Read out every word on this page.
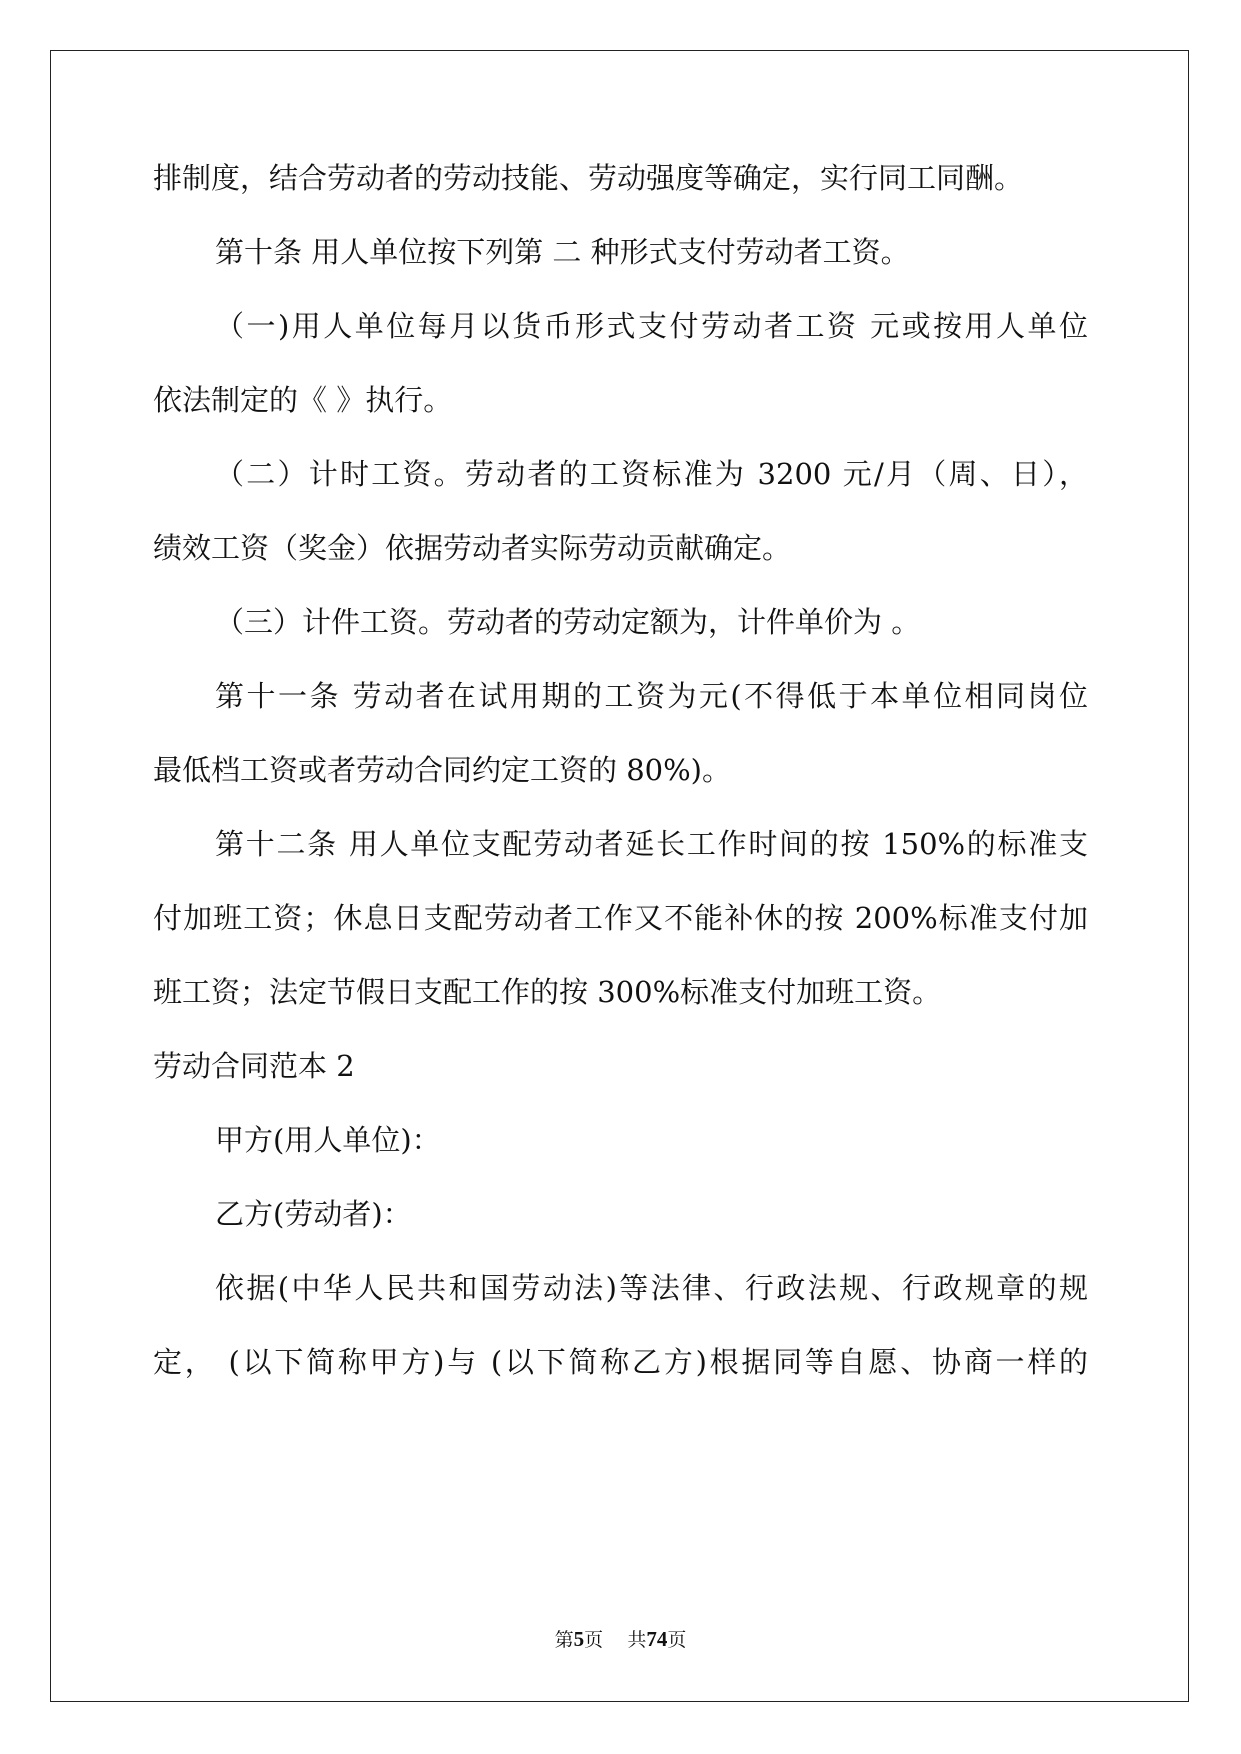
排制度，结合劳动者的劳动技能、劳动强度等确定，实行同工同酬。
第十条 用人单位按下列第 二 种形式支付劳动者工资。
（一)用人单位每月以货币形式支付劳动者工资 元或按用人单位
依法制定的《 》执行。
（二）计时工资。劳动者的工资标准为 3200 元/月（周、日），
绩效工资（奖金）依据劳动者实际劳动贡献确定。
（三）计件工资。劳动者的劳动定额为，计件单价为 。
第十一条 劳动者在试用期的工资为元(不得低于本单位相同岗位
最低档工资或者劳动合同约定工资的 80%)。
第十二条 用人单位支配劳动者延长工作时间的按 150%的标准支
付加班工资；休息日支配劳动者工作又不能补休的按 200%标准支付加
班工资；法定节假日支配工作的按 300%标准支付加班工资。
劳动合同范本 2
甲方(用人单位)：
乙方(劳动者)：
依据(中华人民共和国劳动法)等法律、行政法规、行政规章的规
定， (以下简称甲方)与 (以下简称乙方)根据同等自愿、协商一样的
第5页    共74页
